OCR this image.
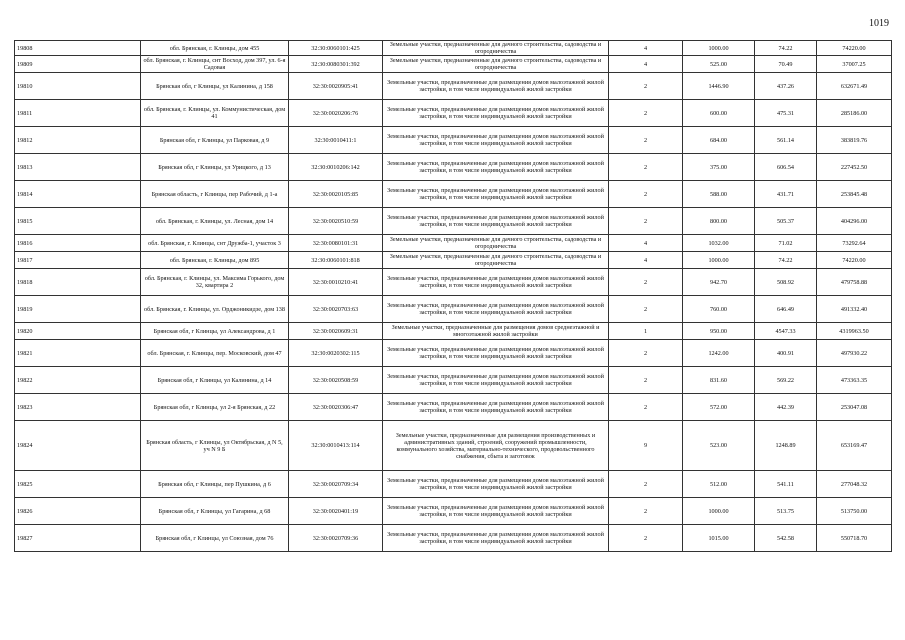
1019
19808	обл. Брянская, г. Клинцы, дом 455	32:30:0060101:425	Земельные участки, предназначенные для дачного строительства, садоводства и огородничества	4	1000.00	74.22	74220.00
19809	обл. Брянская, г. Клинцы, снт Восход, дом 397, ул. 6-я Садовая	32:30:0080301:392	Земельные участки, предназначенные для дачного строительства, садоводства и огородничества	4	525.00	70.49	37007.25
19810	Брянская обл, г Клинцы, ул Калинина, д 158	32:30:0020905:41	Земельные участки, предназначенные для размещения домов малоэтажной жилой застройки, в том числе индивидуальной жилой застройки	2	1446.90	437.26	632671.49
19811	обл. Брянская, г. Клинцы, ул. Коммунистическая, дом 41	32:30:0020206:76	Земельные участки, предназначенные для размещения домов малоэтажной жилой застройки, в том числе индивидуальной жилой застройки	2	600.00	475.31	285186.00
19812	Брянская обл, г Клинцы, ул Парковая, д 9	32:30:0010411:1	Земельные участки, предназначенные для размещения домов малоэтажной жилой застройки, в том числе индивидуальной жилой застройки	2	684.00	561.14	383819.76
19813	Брянская обл, г Клинцы, ул Урицкого, д 13	32:30:0010206:142	Земельные участки, предназначенные для размещения домов малоэтажной жилой застройки, в том числе индивидуальной жилой застройки	2	375.00	606.54	227452.50
19814	Брянская область, г Клинцы, пер Рабочий, д 1-а	32:30:0020105:85	Земельные участки, предназначенные для размещения домов малоэтажной жилой застройки, в том числе индивидуальной жилой застройки	2	588.00	431.71	253845.48
19815	обл. Брянская, г. Клинцы, ул. Лесная, дом 14	32:30:0020510:59	Земельные участки, предназначенные для размещения домов малоэтажной жилой застройки, в том числе индивидуальной жилой застройки	2	800.00	505.37	404296.00
19816	обл. Брянская, г. Клинцы, снт Дружба-1, участок 3	32:30:0080101:31	Земельные участки, предназначенные для дачного строительства, садоводства и огородничества	4	1032.00	71.02	73292.64
19817	обл. Брянская, г. Клинцы, дом 895	32:30:0060101:818	Земельные участки, предназначенные для дачного строительства, садоводства и огородничества	4	1000.00	74.22	74220.00
19818	обл. Брянская, г. Клинцы, ул. Максима Горького, дом 32, квартира 2	32:30:0010210:41	Земельные участки, предназначенные для размещения домов малоэтажной жилой застройки, в том числе индивидуальной жилой застройки	2	942.70	508.92	479758.88
19819	обл. Брянская, г. Клинцы, ул. Орджоникидзе, дом 138	32:30:0020703:63	Земельные участки, предназначенные для размещения домов малоэтажной жилой застройки, в том числе индивидуальной жилой застройки	2	760.00	646.49	491332.40
19820	Брянская обл, г Клинцы, ул Александрова, д 1	32:30:0020609:31	Земельные участки, предназначенные для размещения домов среднеэтажной и многоэтажной жилой застройки	1	950.00	4547.33	4319963.50
19821	обл. Брянская, г. Клинцы, пер. Московский, дом 47	32:30:0020302:115	Земельные участки, предназначенные для размещения домов малоэтажной жилой застройки, в том числе индивидуальной жилой застройки	2	1242.00	400.91	497930.22
19822	Брянская обл, г Клинцы, ул Калинина, д 14	32:30:0020508:59	Земельные участки, предназначенные для размещения домов малоэтажной жилой застройки, в том числе индивидуальной жилой застройки	2	831.60	569.22	473363.35
19823	Брянская обл, г Клинцы, ул 2-я Брянская, д 22	32:30:0020306:47	Земельные участки, предназначенные для размещения домов малоэтажной жилой застройки, в том числе индивидуальной жилой застройки	2	572.00	442.39	253047.08
19824	Брянская область, г Клинцы, ул Октябрьская, д N 5, уч N 9 Б	32:30:0010413:114	Земельные участки, предназначенные для размещения производственных и административных зданий, строений, сооружений промышленности, коммунального хозяйства, материально-технического, продовольственного снабжения, сбыта и заготовок	9	523.00	1248.89	653169.47
19825	Брянская обл, г Клинцы, пер Пушкина, д 6	32:30:0020709:34	Земельные участки, предназначенные для размещения домов малоэтажной жилой застройки, в том числе индивидуальной жилой застройки	2	512.00	541.11	277048.32
19826	Брянская обл, г Клинцы, ул Гагарина, д 68	32:30:0020401:19	Земельные участки, предназначенные для размещения домов малоэтажной жилой застройки, в том числе индивидуальной жилой застройки	2	1000.00	513.75	513750.00
19827	Брянская обл, г Клинцы, ул Союзная, дом 76	32:30:0020709:36	Земельные участки, предназначенные для размещения домов малоэтажной жилой застройки, в том числе индивидуальной жилой застройки	2	1015.00	542.58	550718.70
